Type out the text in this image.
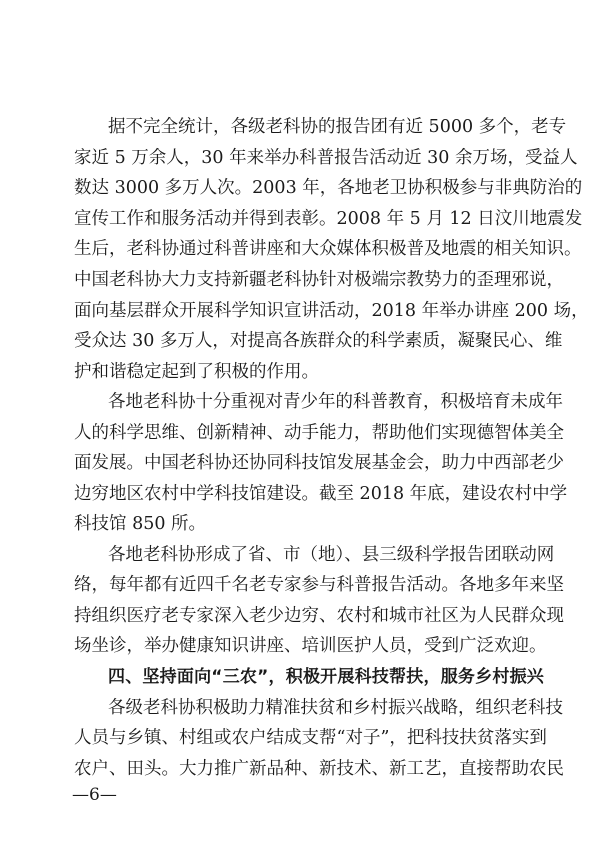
据不完全统计，各级老科协的报告团有近 5000 多个，老专
家近 5 万余人，30 年来举办科普报告活动近 30 余万场，受益人
数达 3000 多万人次。2003 年，各地老卫协积极参与非典防治的
宣传工作和服务活动并得到表彰。2008 年 5 月 12 日汶川地震发
生后，老科协通过科普讲座和大众媒体积极普及地震的相关知识。
中国老科协大力支持新疆老科协针对极端宗教势力的歪理邪说，
面向基层群众开展科学知识宣讲活动，2018 年举办讲座 200 场，
受众达 30 多万人，对提高各族群众的科学素质，凝聚民心、维
护和谐稳定起到了积极的作用。
各地老科协十分重视对青少年的科普教育，积极培育未成年
人的科学思维、创新精神、动手能力，帮助他们实现德智体美全
面发展。中国老科协还协同科技馆发展基金会，助力中西部老少
边穷地区农村中学科技馆建设。截至 2018 年底，建设农村中学
科技馆 850 所。
各地老科协形成了省、市（地）、县三级科学报告团联动网
络，每年都有近四千名老专家参与科普报告活动。各地多年来坚
持组织医疗老专家深入老少边穷、农村和城市社区为人民群众现
场坐诊，举办健康知识讲座、培训医护人员，受到广泛欢迎。
四、坚持面向“三农”，积极开展科技帮扶，服务乡村振兴
各级老科协积极助力精准扶贫和乡村振兴战略，组织老科技
人员与乡镇、村组或农户结成支帮“对子”，把科技扶贫落实到
农户、田头。大力推广新品种、新技术、新工艺，直接帮助农民
—6—
